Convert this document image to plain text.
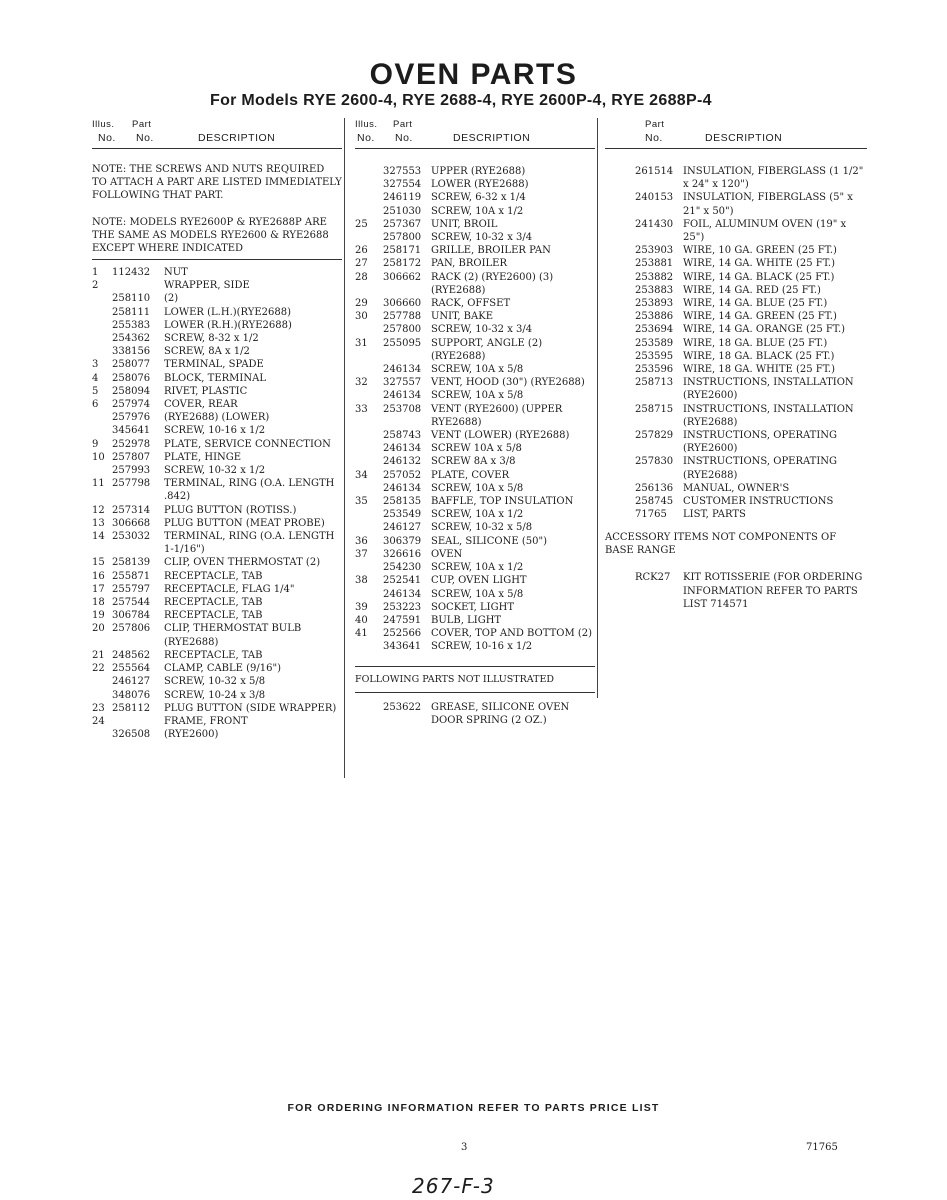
OVEN PARTS
For Models RYE 2600-4, RYE 2688-4, RYE 2600P-4, RYE 2688P-4
Illus. Part
No. No.	DESCRIPTION

NOTE: THE SCREWS AND NUTS REQUIRED TO ATTACH A PART ARE LISTED IMMEDIATELY FOLLOWING THAT PART.

NOTE: MODELS RYE2600P & RYE2688P ARE THE SAME AS MODELS RYE2600 & RYE2688 EXCEPT WHERE INDICATED

1 112432 NUT
2	WRAPPER, SIDE
258110 (2)
258111 LOWER (L.H.)(RYE2688)
255383 LOWER (R.H.)(RYE2688)
254362 SCREW, 8-32 x 1/2
338156 SCREW, 8A x 1/2
3 258077 TERMINAL, SPADE
4 258076 BLOCK, TERMINAL
5 258094 RIVET, PLASTIC
6 257974 COVER, REAR
257976 (RYE2688) (LOWER)
345641 SCREW, 10-16 x 1/2
9 252978 PLATE, SERVICE CONNECTION
10 257807 PLATE, HINGE
257993 SCREW, 10-32 x 1/2
11 257798 TERMINAL, RING (O.A. LENGTH .842)
12 257314 PLUG BUTTON (ROTISS.)
13 306668 PLUG BUTTON (MEAT PROBE)
14 253032 TERMINAL, RING (O.A. LENGTH 1-1/16")
15 258139 CLIP, OVEN THERMOSTAT (2)
16 255871 RECEPTACLE, TAB
17 255797 RECEPTACLE, FLAG 1/4"
18 257544 RECEPTACLE, TAB
19 306784 RECEPTACLE, TAB
20 257806 CLIP, THERMOSTAT BULB (RYE2688)
21 248562 RECEPTACLE, TAB
22 255564 CLAMP, CABLE (9/16")
246127 SCREW, 10-32 x 5/8
348076 SCREW, 10-24 x 3/8
23 258112 PLUG BUTTON (SIDE WRAPPER)
24	FRAME, FRONT
326508 (RYE2600)
Illus. Part
No. No.	DESCRIPTION
327553 UPPER (RYE2688)
327554 LOWER (RYE2688)
246119 SCREW, 6-32 x 1/4
251030 SCREW, 10A x 1/2
25 257367 UNIT, BROIL
257800 SCREW, 10-32 x 3/4
26 258171 GRILLE, BROILER PAN
27 258172 PAN, BROILER
28 306662 RACK (2) (RYE2600) (3) (RYE2688)
29 306660 RACK, OFFSET
30 257788 UNIT, BAKE
257800 SCREW, 10-32 x 3/4
31 255095 SUPPORT, ANGLE (2) (RYE2688)
246134 SCREW, 10A x 5/8
32 327557 VENT, HOOD (30") (RYE2688)
246134 SCREW, 10A x 5/8
33 253708 VENT (RYE2600) (UPPER RYE2688)
258743 VENT (LOWER) (RYE2688)
246134 SCREW 10A x 5/8
246132 SCREW 8A x 3/8
34 257052 PLATE, COVER
246134 SCREW, 10A x 5/8
35 258135 BAFFLE, TOP INSULATION
253549 SCREW, 10A x 1/2
246127 SCREW, 10-32 x 5/8
36 306379 SEAL, SILICONE (50")
37 326616 OVEN
254230 SCREW, 10A x 1/2
38 252541 CUP, OVEN LIGHT
246134 SCREW, 10A x 5/8
39 253223 SOCKET, LIGHT
40 247591 BULB, LIGHT
41 252566 COVER, TOP AND BOTTOM (2)
343641 SCREW, 10-16 x 1/2
FOLLOWING PARTS NOT ILLUSTRATED
253622 GREASE, SILICONE OVEN DOOR SPRING (2 OZ.)
Part
No.	DESCRIPTION
261514 INSULATION, FIBERGLASS (1 1/2" x 24" x 120")
240153 INSULATION, FIBERGLASS (5" x 21" x 50")
241430 FOIL, ALUMINUM OVEN (19" x 25")
253903 WIRE, 10 GA. GREEN (25 FT.)
253881 WIRE, 14 GA. WHITE (25 FT.)
253882 WIRE, 14 GA. BLACK (25 FT.)
253883 WIRE, 14 GA. RED (25 FT.)
253893 WIRE, 14 GA. BLUE (25 FT.)
253886 WIRE, 14 GA. GREEN (25 FT.)
253694 WIRE, 14 GA. ORANGE (25 FT.)
253589 WIRE, 18 GA. BLUE (25 FT.)
253595 WIRE, 18 GA. BLACK (25 FT.)
253596 WIRE, 18 GA. WHITE (25 FT.)
258713 INSTRUCTIONS, INSTALLATION (RYE2600)
258715 INSTRUCTIONS, INSTALLATION (RYE2688)
257829 INSTRUCTIONS, OPERATING (RYE2600)
257830 INSTRUCTIONS, OPERATING (RYE2688)
256136 MANUAL, OWNER'S
258745 CUSTOMER INSTRUCTIONS
71765 LIST, PARTS

ACCESSORY ITEMS NOT COMPONENTS OF BASE RANGE

RCK27 KIT ROTISSERIE (FOR ORDERING INFORMATION REFER TO PARTS LIST 714571
FOR ORDERING INFORMATION REFER TO PARTS PRICE LIST
3	71765
267-F-3
